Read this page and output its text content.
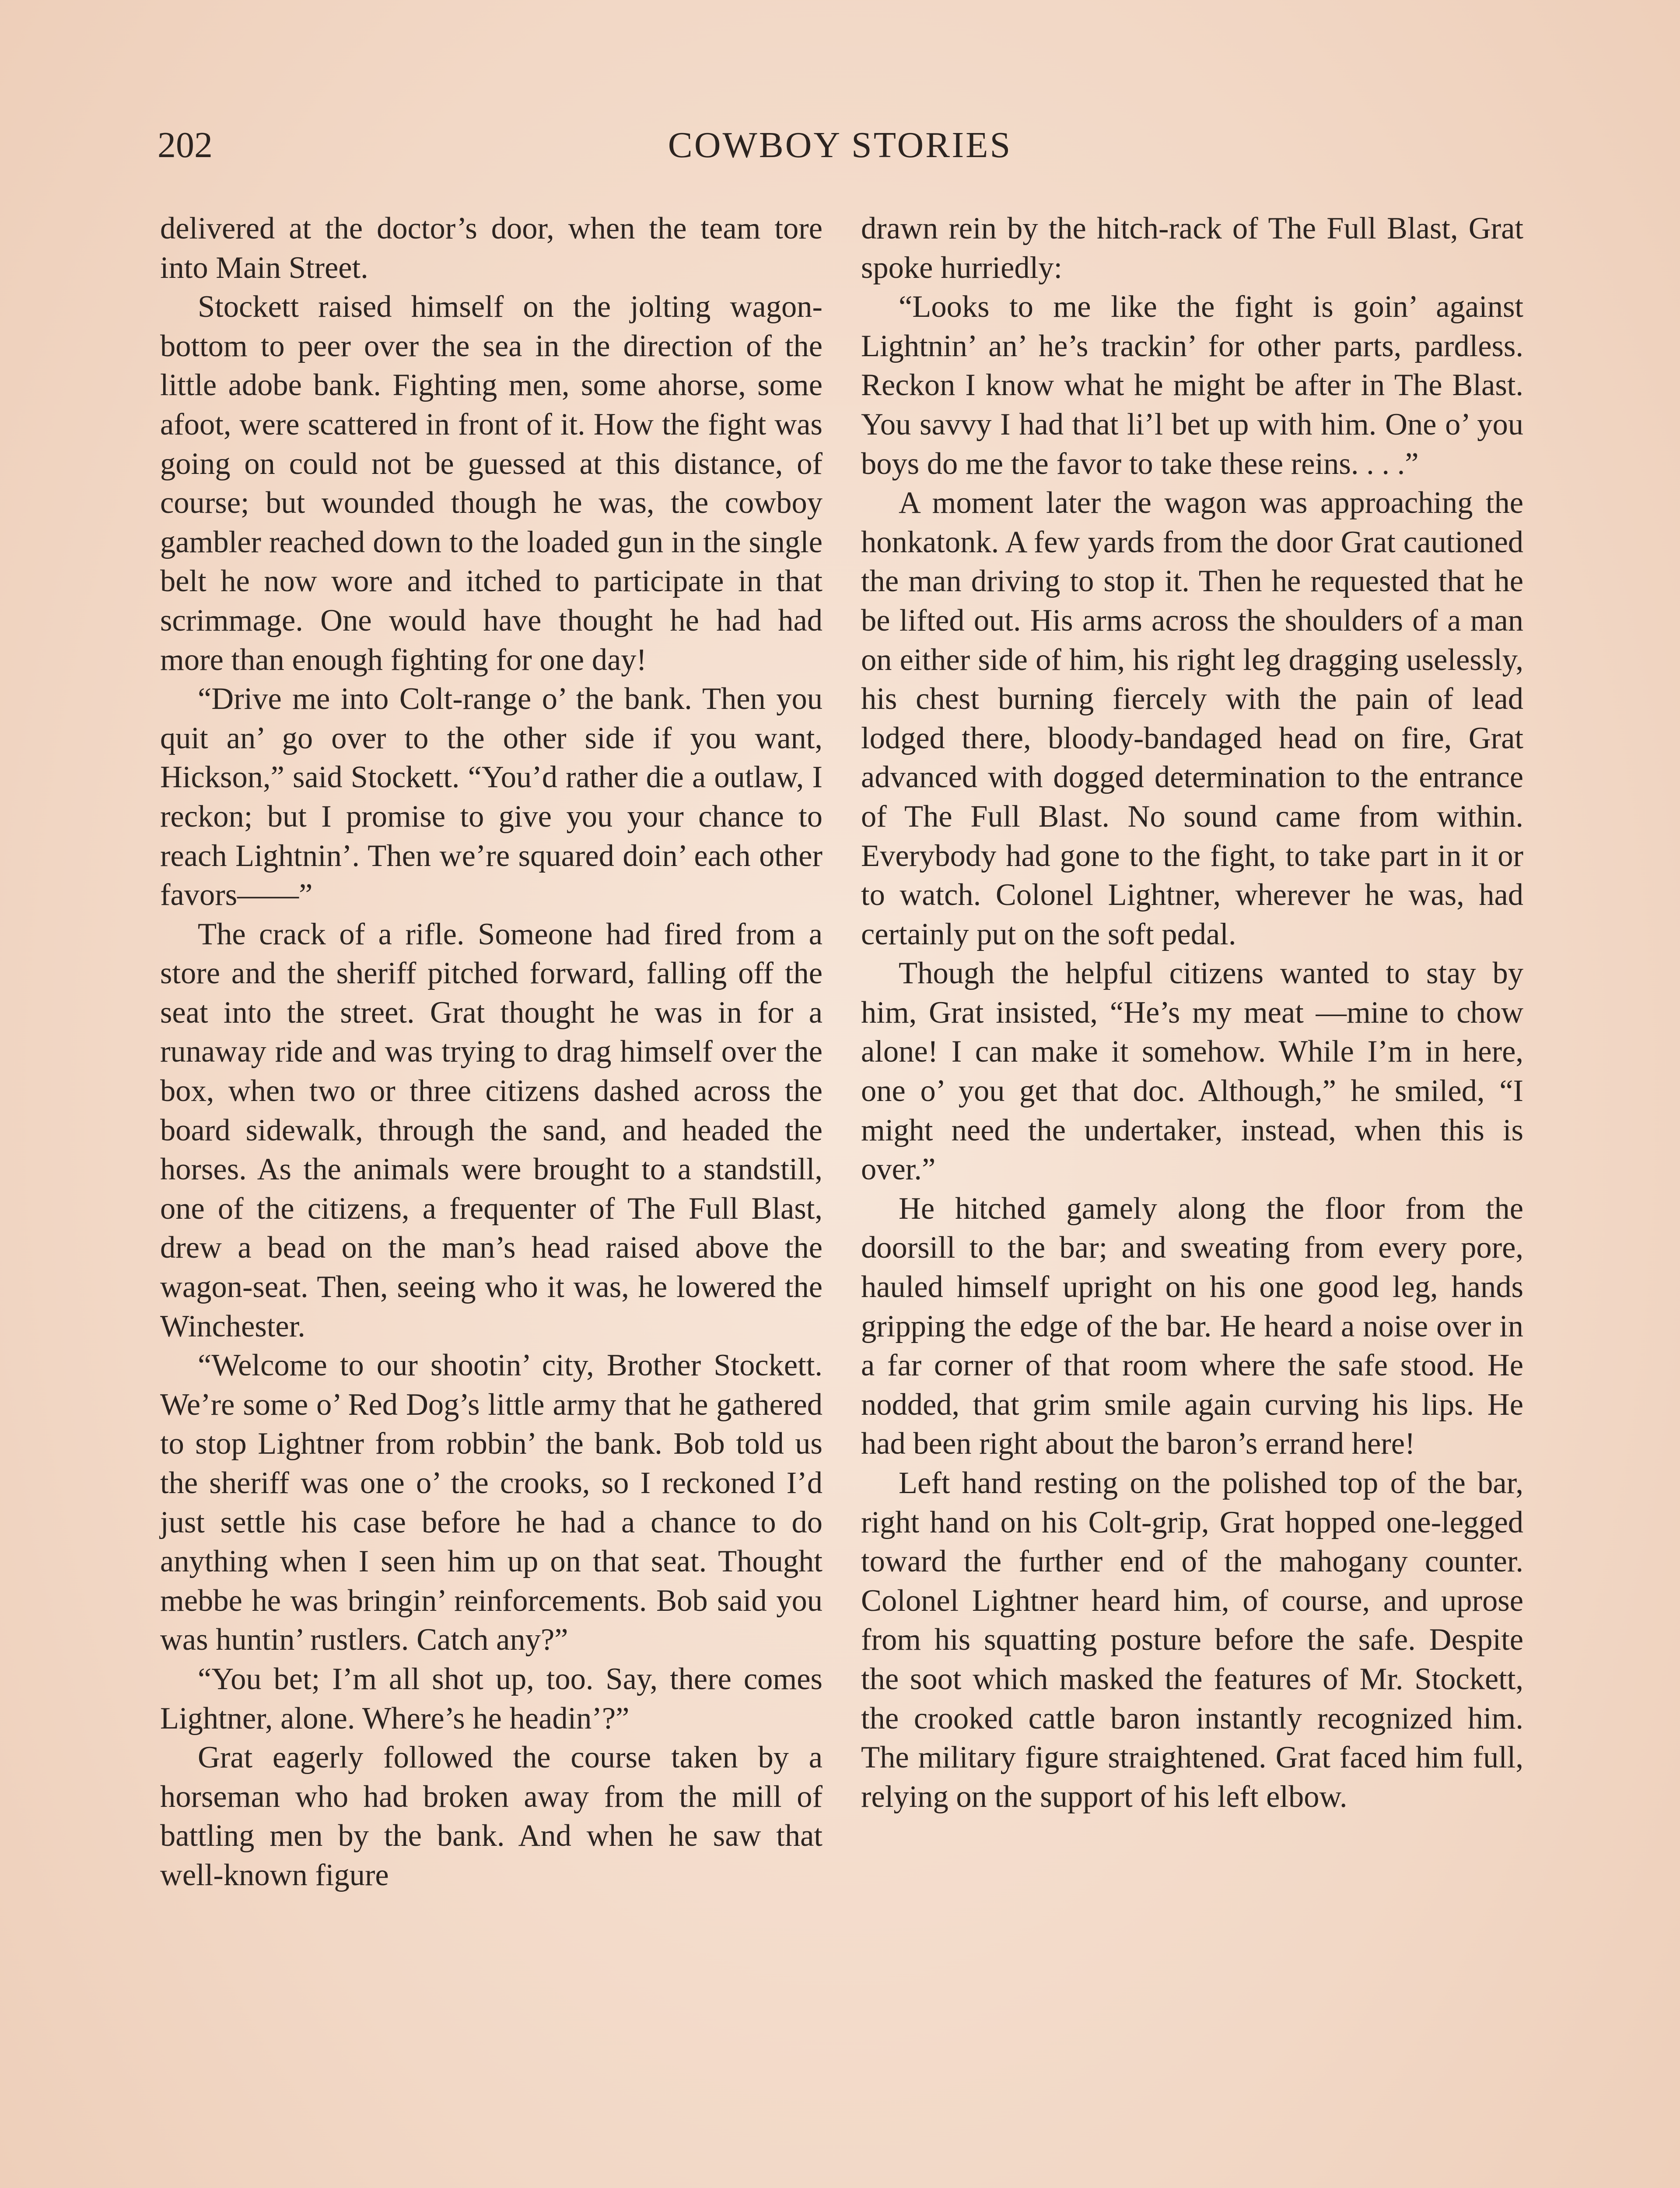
202	COWBOY STORIES

delivered at the doctor’s door, when the team tore into Main Street.

Stockett raised himself on the jolting wagon-bottom to peer over the sea in the direction of the little adobe bank. Fighting men, some ahorse, some afoot, were scattered in front of it. How the fight was going on could not be guessed at this distance, of course; but wounded though he was, the cowboy gambler reached down to the loaded gun in the single belt he now wore and itched to participate in that scrimmage. One would have thought he had had more than enough fighting for one day!

“Drive me into Colt-range o’ the bank. Then you quit an’ go over to the other side if you want, Hickson,” said Stockett. “You’d rather die a outlaw, I reckon; but I promise to give you your chance to reach Lightnin’. Then we’re squared doin’ each other favors——”

The crack of a rifle. Someone had fired from a store and the sheriff pitched forward, falling off the seat into the street. Grat thought he was in for a runaway ride and was trying to drag himself over the box, when two or three citizens dashed across the board sidewalk, through the sand, and headed the horses. As the animals were brought to a standstill, one of the citizens, a frequenter of The Full Blast, drew a bead on the man’s head raised above the wagon-seat. Then, seeing who it was, he lowered the Winchester.

“Welcome to our shootin’ city, Brother Stockett. We’re some o’ Red Dog’s little army that he gathered to stop Lightner from robbin’ the bank. Bob told us the sheriff was one o’ the crooks, so I reckoned I’d just settle his case before he had a chance to do anything when I seen him up on that seat. Thought mebbe he was bringin’ reinforcements. Bob said you was huntin’ rustlers. Catch any?”

“You bet; I’m all shot up, too. Say, there comes Lightner, alone. Where’s he headin’?”

Grat eagerly followed the course taken by a horseman who had broken away from the mill of battling men by the bank. And when he saw that well-known figure

drawn rein by the hitch-rack of The Full Blast, Grat spoke hurriedly:

“Looks to me like the fight is goin’ against Lightnin’ an’ he’s trackin’ for other parts, pardless. Reckon I know what he might be after in The Blast. You savvy I had that li’l bet up with him. One o’ you boys do me the favor to take these reins. . . .”

A moment later the wagon was approaching the honkatonk. A few yards from the door Grat cautioned the man driving to stop it. Then he requested that he be lifted out. His arms across the shoulders of a man on either side of him, his right leg dragging uselessly, his chest burning fiercely with the pain of lead lodged there, bloody-bandaged head on fire, Grat advanced with dogged determination to the entrance of The Full Blast. No sound came from within. Everybody had gone to the fight, to take part in it or to watch. Colonel Lightner, wherever he was, had certainly put on the soft pedal.

Though the helpful citizens wanted to stay by him, Grat insisted, “He’s my meat —mine to chow alone! I can make it somehow. While I’m in here, one o’ you get that doc. Although,” he smiled, “I might need the undertaker, instead, when this is over.”

He hitched gamely along the floor from the doorsill to the bar; and sweating from every pore, hauled himself upright on his one good leg, hands gripping the edge of the bar. He heard a noise over in a far corner of that room where the safe stood. He nodded, that grim smile again curving his lips. He had been right about the baron’s errand here!

Left hand resting on the polished top of the bar, right hand on his Colt-grip, Grat hopped one-legged toward the further end of the mahogany counter. Colonel Lightner heard him, of course, and uprose from his squatting posture before the safe. Despite the soot which masked the features of Mr. Stockett, the crooked cattle baron instantly recognized him. The military figure straightened. Grat faced him full, relying on the support of his left elbow.
